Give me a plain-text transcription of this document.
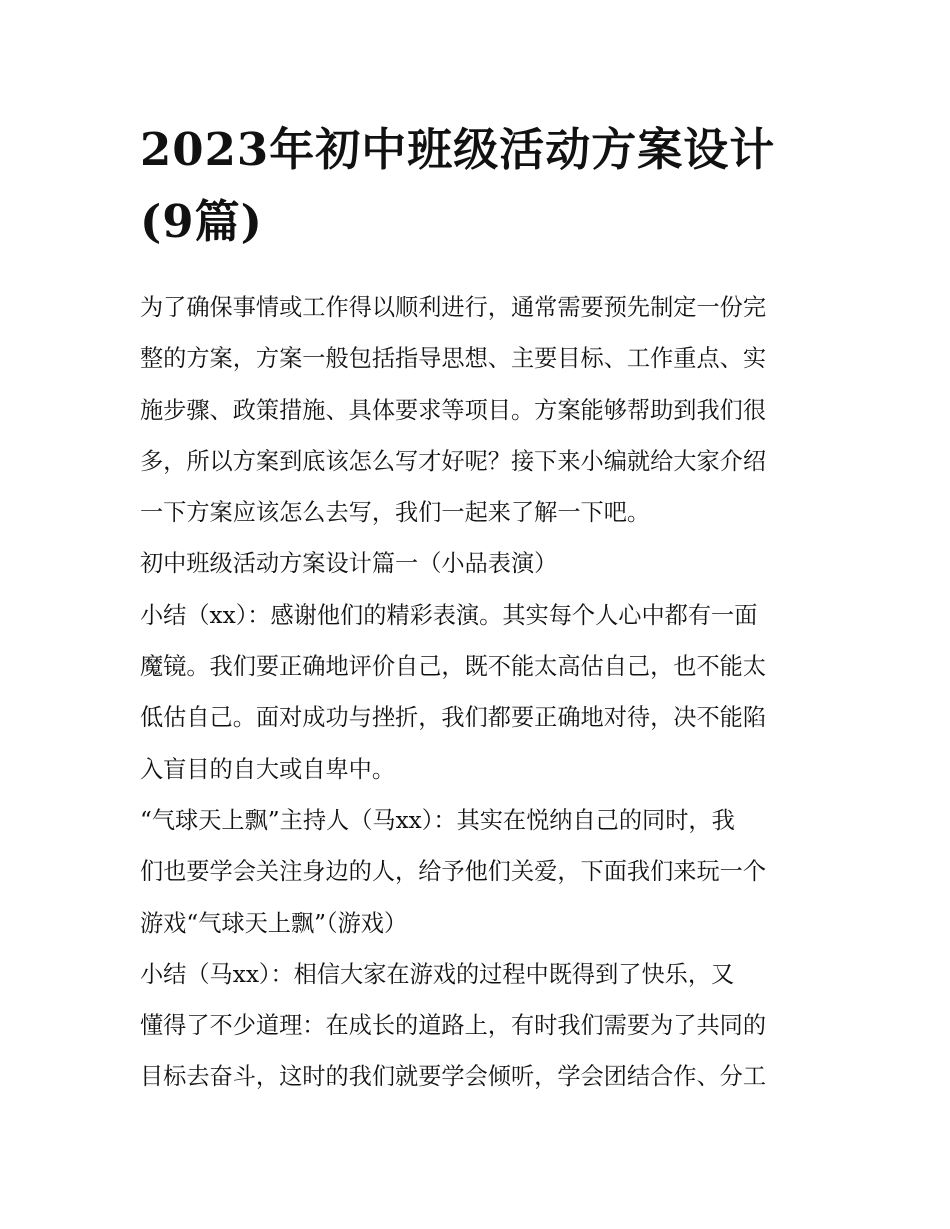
2023年初中班级活动方案设计
(9篇)

为了确保事情或工作得以顺利进行，通常需要预先制定一份完
整的方案，方案一般包括指导思想、主要目标、工作重点、实
施步骤、政策措施、具体要求等项目。方案能够帮助到我们很
多，所以方案到底该怎么写才好呢？接下来小编就给大家介绍
一下方案应该怎么去写，我们一起来了解一下吧。

初中班级活动方案设计篇一（小品表演）

小结（xx）：感谢他们的精彩表演。其实每个人心中都有一面
魔镜。我们要正确地评价自己，既不能太高估自己，也不能太
低估自己。面对成功与挫折，我们都要正确地对待，决不能陷
入盲目的自大或自卑中。

“气球天上飘”主持人（马xx）：其实在悦纳自己的同时，我
们也要学会关注身边的人，给予他们关爱，下面我们来玩一个
游戏“气球天上飘”（游戏）

小结（马xx）：相信大家在游戏的过程中既得到了快乐，又
懂得了不少道理：在成长的道路上，有时我们需要为了共同的
目标去奋斗，这时的我们就要学会倾听，学会团结合作、分工
